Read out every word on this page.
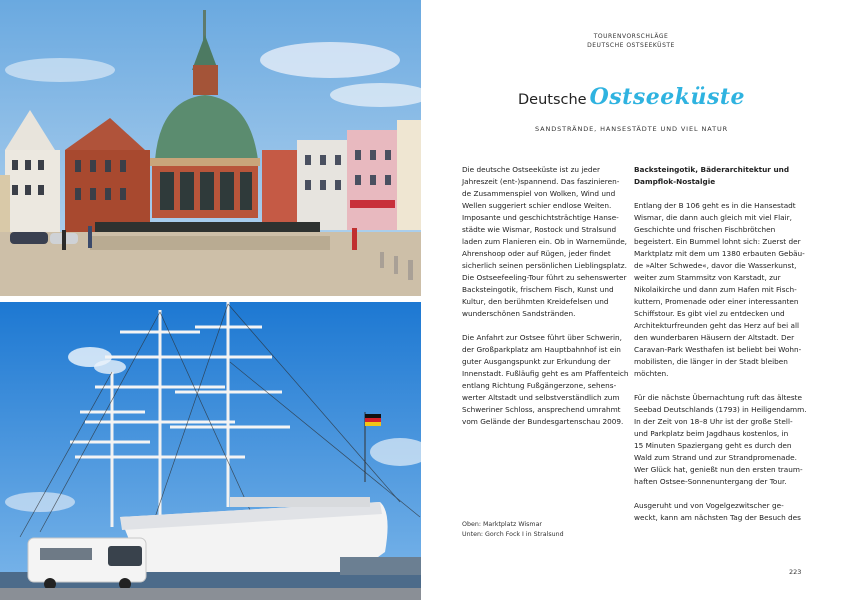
TOURENVORSCHLÄGE
DEUTSCHE OSTSEEKÜSTE
Deutsche Ostseeküste
SANDSTRÄNDE, HANSESTÄDTE UND VIEL NATUR
Die deutsche Ostseeküste ist zu jeder
Jahreszeit (ent-)spannend. Das faszinieren-
de Zusammenspiel von Wolken, Wind und
Wellen suggeriert schier endlose Weiten.
Imposante und geschichtsträchtige Hanse-
städte wie Wismar, Rostock und Stralsund
laden zum Flanieren ein. Ob in Warnemünde,
Ahrenshoop oder auf Rügen, jeder findet
sicherlich seinen persönlichen Lieblingsplatz.
Die Ostseefeeling-Tour führt zu sehenswerter
Backsteingotik, frischem Fisch, Kunst und
Kultur, den berühmten Kreidefelsen und
wunderschönen Sandstränden.
Die Anfahrt zur Ostsee führt über Schwerin,
der Großparkplatz am Hauptbahnhof ist ein
guter Ausgangspunkt zur Erkundung der
Innenstadt. Fußläufig geht es am Pfaffenteich
entlang Richtung Fußgängerzone, sehens-
werter Altstadt und selbstverständlich zum
Schweriner Schloss, ansprechend umrahmt
vom Gelände der Bundesgartenschau 2009.
Backsteingotik, Bäderarchitektur und
Dampflok-Nostalgie
Entlang der B 106 geht es in die Hansestadt
Wismar, die dann auch gleich mit viel Flair,
Geschichte und frischen Fischbrötchen
begeistert. Ein Bummel lohnt sich: Zuerst der
Marktplatz mit dem um 1380 erbauten Gebäu-
de »Alter Schwede«, davor die Wasserkunst,
weiter zum Stammsitz von Karstadt, zur
Nikolaikirche und dann zum Hafen mit Fisch-
kuttern, Promenade oder einer interessanten
Schiffstour. Es gibt viel zu entdecken und
Architekturfreunden geht das Herz auf bei all
den wunderbaren Häusern der Altstadt. Der
Caravan-Park Westhafen ist beliebt bei Wohn-
mobilisten, die länger in der Stadt bleiben
möchten.
Für die nächste Übernachtung ruft das älteste
Seebad Deutschlands (1793) in Heiligendamm.
In der Zeit von 18–8 Uhr ist der große Stell-
und Parkplatz beim Jagdhaus kostenlos, in
15 Minuten Spaziergang geht es durch den
Wald zum Strand und zur Strandpromenade.
Wer Glück hat, genießt nun den ersten traum-
haften Ostsee-Sonnenuntergang der Tour.
Ausgeruht und von Vogelgezwitscher ge-
weckt, kann am nächsten Tag der Besuch des
Oben: Marktplatz Wismar
Unten: Gorch Fock I in Stralsund
223
